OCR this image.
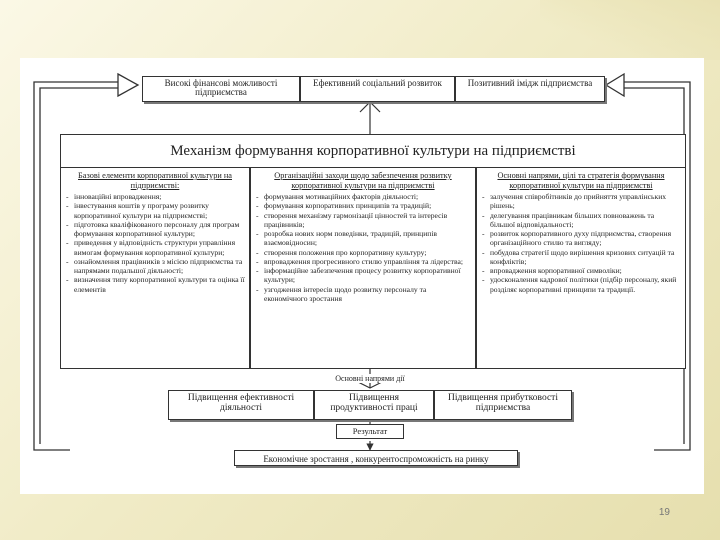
Високі фінансові можливості підприємства
Ефективний соціальний розвиток	Позитивний імідж підприємства
Механізм формування корпоративної культури на підприємстві
Базові елементи корпоративної культури на підприємстві:
- інноваційні впровадження;
- інвестування коштів у програму розвитку корпоративної культури на підприємстві;
- підготовка кваліфікованого персоналу для програм формування корпоративної культури;
- приведення у відповідність структури управління вимогам формування корпоративної культури;
- ознайомлення працівників з місією підприємства та напрямами подальшої діяльності;
- визначення типу корпоративної культури та оцінка її елементів
Організаційні заходи щодо забезпечення розвитку корпоративної культури на підприємстві
- формування мотиваційних факторів діяльності;
- формування корпоративних принципів та традицій;
- створення механізму гармонізації цінностей та інтересів працівників;
- розробка нових норм поведінки, традицій, принципів взаємовідносин;
- створення положення про корпоративну культуру;
- впровадження прогресивного стилю управління та лідерства;
- інформаційне забезпечення процесу розвитку корпоративної культури;
- узгодження інтересів щодо розвитку персоналу та економічного зростання
Основні напрями, цілі та стратегія формування корпоративної культури на підприємстві
- залучення співробітників до прийняття управлінських рішень;
- делегування працівникам більших повноважень та більшої відповідальності;
- розвиток корпоративного духу підприємства, створення організаційного стилю та вигляду;
- побудова стратегії щодо вирішення кризових ситуацій та конфліктів;
- впровадження корпоративної символіки;
- удосконалення кадрової політики (підбір персоналу, який розділяє корпоративні принципи та традиції.
Основні напрями дії
Підвищення ефективності діяльності
Підвищення продуктивності праці
Підвищення прибутковості підприємства
Результат
Економічне зростання , конкурентоспроможність на ринку
19
